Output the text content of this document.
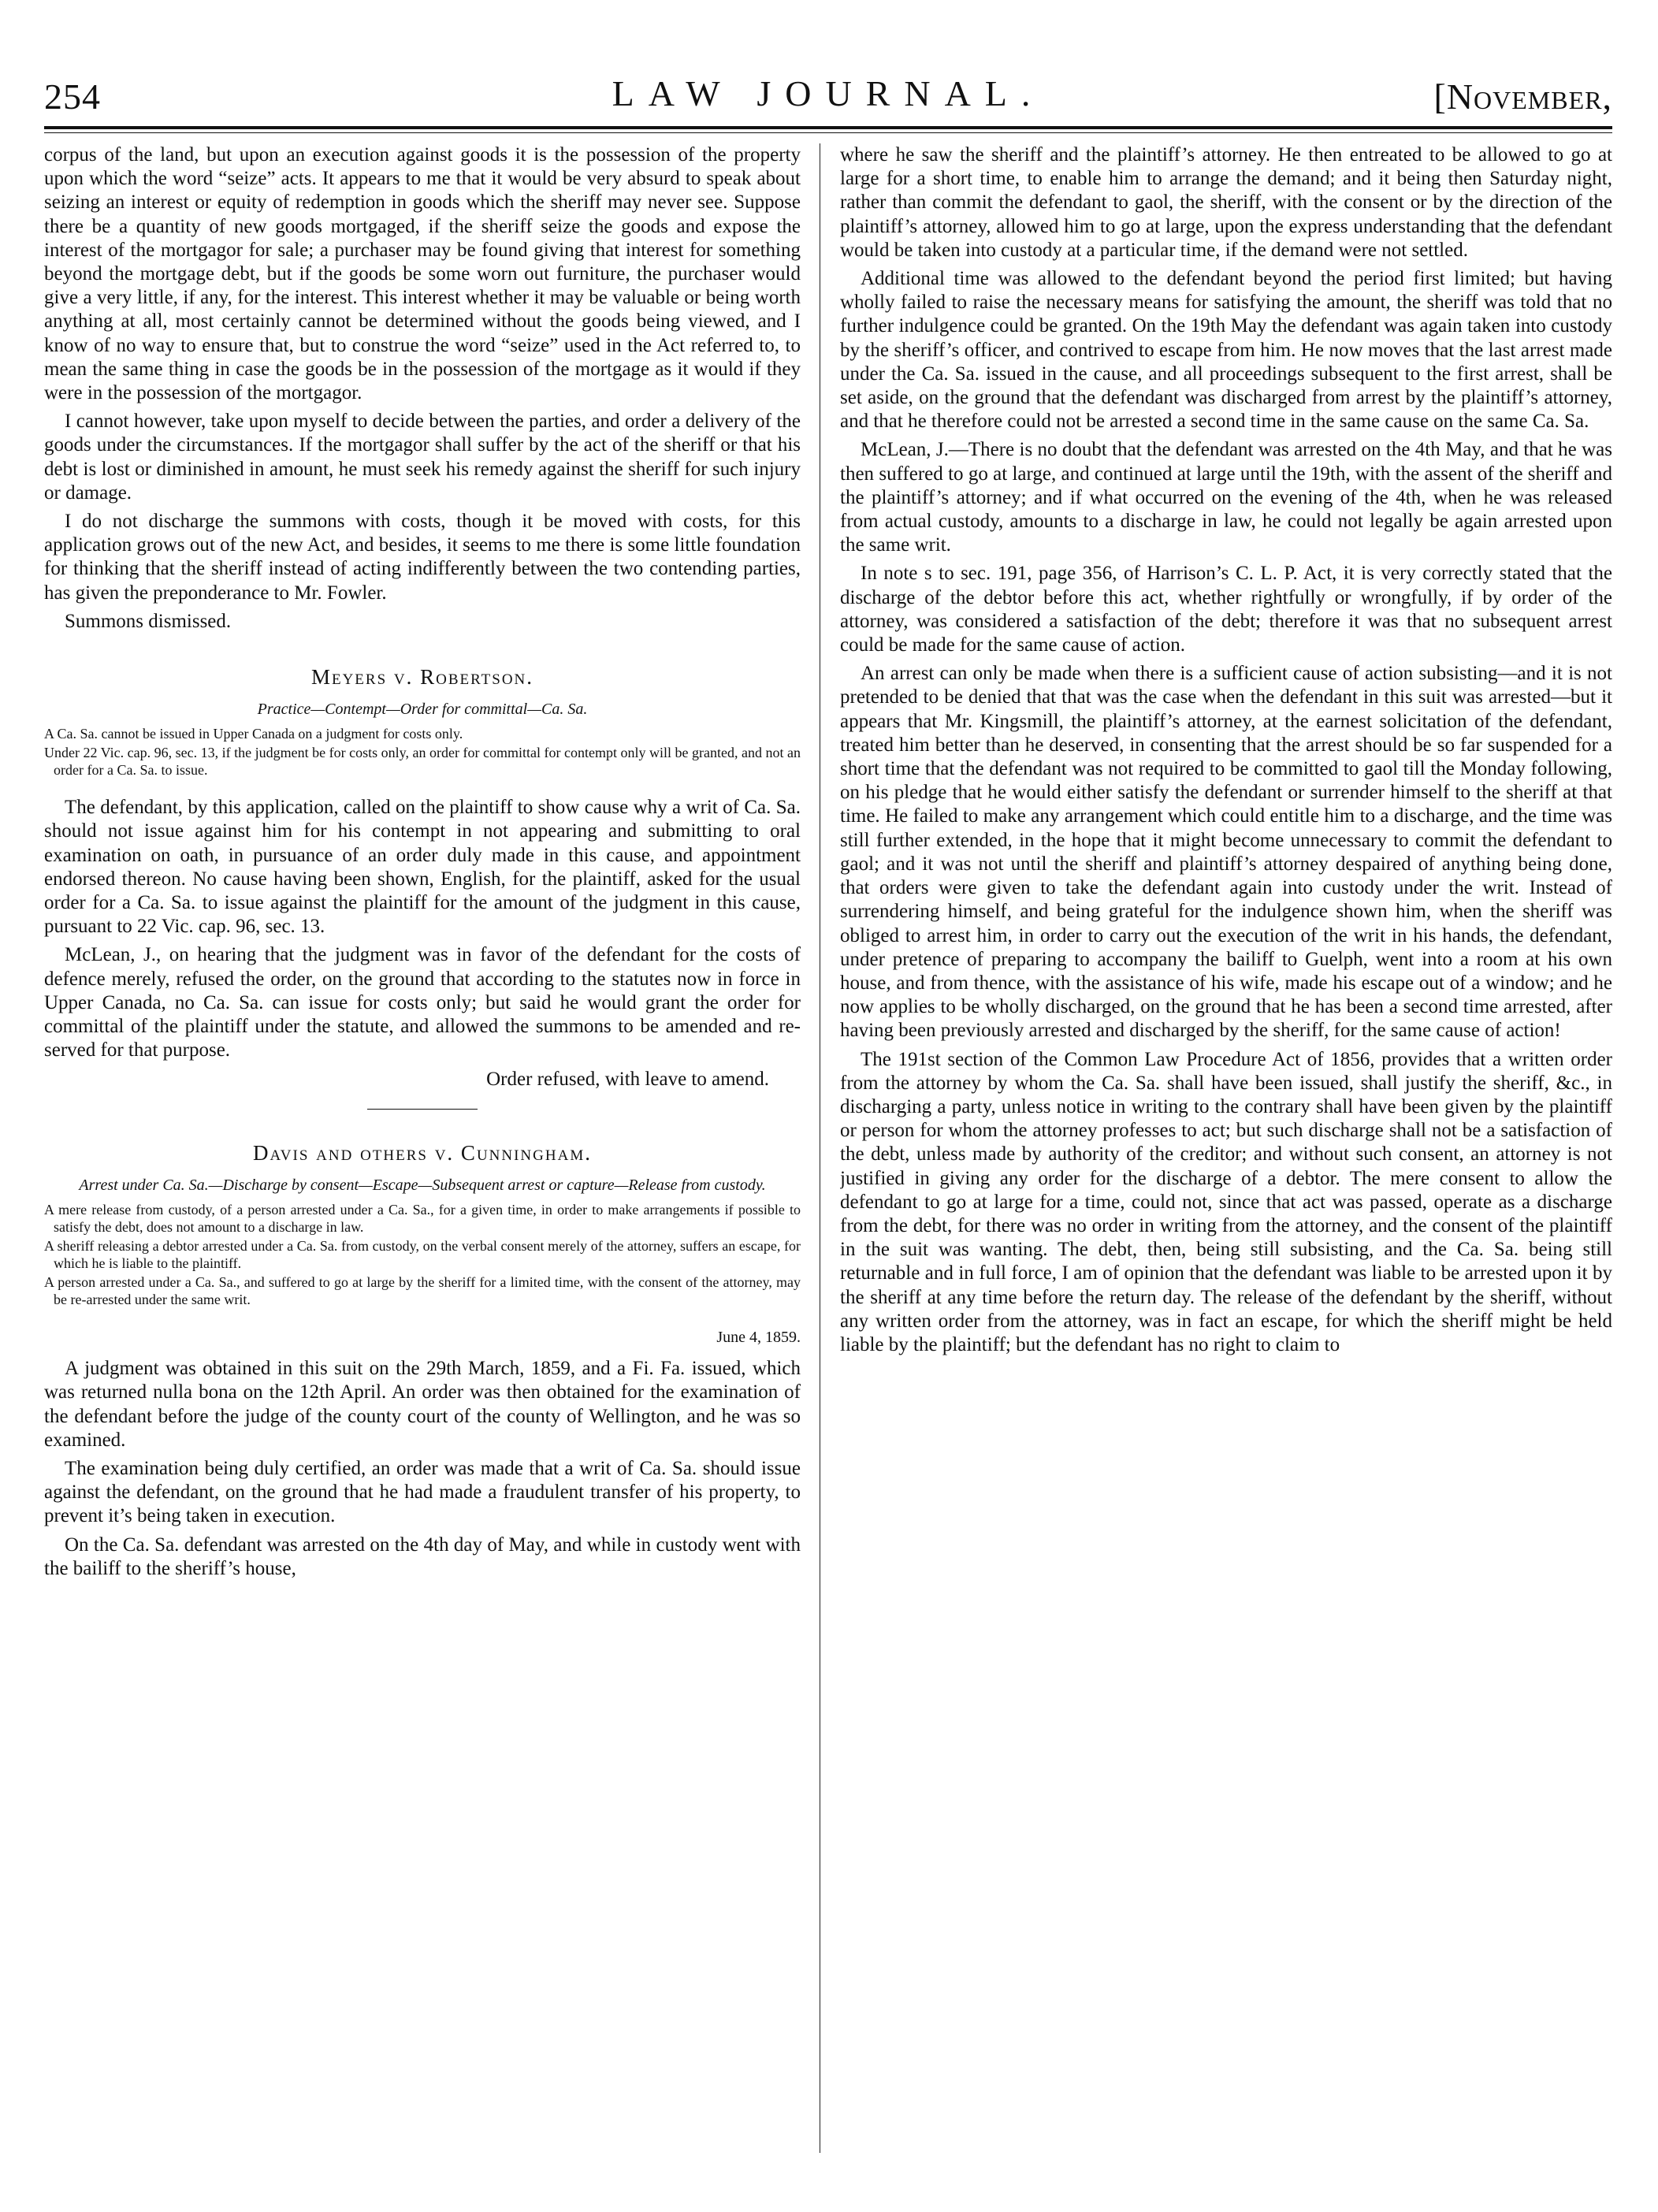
254	LAW JOURNAL.	[November,

corpus of the land, but upon an execution against goods it is the possession of the property upon which the word “seize” acts. It appears to me that it would be very absurd to speak about seizing an interest or equity of redemption in goods which the sheriff may never see. Suppose there be a quantity of new goods mortgaged, if the sheriff seize the goods and expose the interest of the mortgagor for sale; a purchaser may be found giving that interest for something beyond the mortgage debt, but if the goods be some worn out furniture, the purchaser would give a very little, if any, for the interest. This interest whether it may be valuable or being worth anything at all, most certainly cannot be determined without the goods being viewed, and I know of no way to ensure that, but to construe the word “seize” used in the Act referred to, to mean the same thing in case the goods be in the possession of the mortgage as it would if they were in the possession of the mortgagor.

I cannot however, take upon myself to decide between the parties, and order a delivery of the goods under the circumstances. If the mortgagor shall suffer by the act of the sheriff or that his debt is lost or diminished in amount, he must seek his remedy against the sheriff for such injury or damage.

I do not discharge the summons with costs, though it be moved with costs, for this application grows out of the new Act, and besides, it seems to me there is some little foundation for thinking that the sheriff instead of acting indifferently between the two contending parties, has given the preponderance to Mr. Fowler.

Summons dismissed.

Meyers v. Robertson.
Practice—Contempt—Order for committal—Ca. Sa.
A Ca. Sa. cannot be issued in Upper Canada on a judgment for costs only.
Under 22 Vic. cap. 96, sec. 13, if the judgment be for costs only, an order for committal for contempt only will be granted, and not an order for a Ca. Sa. to issue.

The defendant, by this application, called on the plaintiff to show cause why a writ of Ca. Sa. should not issue against him for his contempt in not appearing and submitting to oral examination on oath, in pursuance of an order duly made in this cause, and appointment endorsed thereon. No cause having been shown, English, for the plaintiff, asked for the usual order for a Ca. Sa. to issue against the plaintiff for the amount of the judgment in this cause, pursuant to 22 Vic. cap. 96, sec. 13.

McLean, J., on hearing that the judgment was in favor of the defendant for the costs of defence merely, refused the order, on the ground that according to the statutes now in force in Upper Canada, no Ca. Sa. can issue for costs only; but said he would grant the order for committal of the plaintiff under the statute, and allowed the summons to be amended and re-served for that purpose.

Order refused, with leave to amend.

Davis and others v. Cunningham.
Arrest under Ca. Sa.—Discharge by consent—Escape—Subsequent arrest or capture—Release from custody.
A mere release from custody, of a person arrested under a Ca. Sa., for a given time, in order to make arrangements if possible to satisfy the debt, does not amount to a discharge in law.
A sheriff releasing a debtor arrested under a Ca. Sa. from custody, on the verbal consent merely of the attorney, suffers an escape, for which he is liable to the plaintiff.
A person arrested under a Ca. Sa., and suffered to go at large by the sheriff for a limited time, with the consent of the attorney, may be re-arrested under the same writ.
June 4, 1859.

A judgment was obtained in this suit on the 29th March, 1859, and a Fi. Fa. issued, which was returned nulla bona on the 12th April. An order was then obtained for the examination of the defendant before the judge of the county court of the county of Wellington, and he was so examined.

The examination being duly certified, an order was made that a writ of Ca. Sa. should issue against the defendant, on the ground that he had made a fraudulent transfer of his property, to prevent it’s being taken in execution.

On the Ca. Sa. defendant was arrested on the 4th day of May, and while in custody went with the bailiff to the sheriff’s house,

where he saw the sheriff and the plaintiff’s attorney. He then entreated to be allowed to go at large for a short time, to enable him to arrange the demand; and it being then Saturday night, rather than commit the defendant to gaol, the sheriff, with the consent or by the direction of the plaintiff’s attorney, allowed him to go at large, upon the express understanding that the defendant would be taken into custody at a particular time, if the demand were not settled.

Additional time was allowed to the defendant beyond the period first limited; but having wholly failed to raise the necessary means for satisfying the amount, the sheriff was told that no further indulgence could be granted. On the 19th May the defendant was again taken into custody by the sheriff’s officer, and contrived to escape from him. He now moves that the last arrest made under the Ca. Sa. issued in the cause, and all proceedings subsequent to the first arrest, shall be set aside, on the ground that the defendant was discharged from arrest by the plaintiff’s attorney, and that he therefore could not be arrested a second time in the same cause on the same Ca. Sa.

McLean, J.—There is no doubt that the defendant was arrested on the 4th May, and that he was then suffered to go at large, and continued at large until the 19th, with the assent of the sheriff and the plaintiff’s attorney; and if what occurred on the evening of the 4th, when he was released from actual custody, amounts to a discharge in law, he could not legally be again arrested upon the same writ.

In note s to sec. 191, page 356, of Harrison’s C. L. P. Act, it is very correctly stated that the discharge of the debtor before this act, whether rightfully or wrongfully, if by order of the attorney, was considered a satisfaction of the debt; therefore it was that no subsequent arrest could be made for the same cause of action.

An arrest can only be made when there is a sufficient cause of action subsisting—and it is not pretended to be denied that that was the case when the defendant in this suit was arrested—but it appears that Mr. Kingsmill, the plaintiff’s attorney, at the earnest solicitation of the defendant, treated him better than he deserved, in consenting that the arrest should be so far suspended for a short time that the defendant was not required to be committed to gaol till the Monday following, on his pledge that he would either satisfy the defendant or surrender himself to the sheriff at that time. He failed to make any arrangement which could entitle him to a discharge, and the time was still further extended, in the hope that it might become unnecessary to commit the defendant to gaol; and it was not until the sheriff and plaintiff’s attorney despaired of anything being done, that orders were given to take the defendant again into custody under the writ. Instead of surrendering himself, and being grateful for the indulgence shown him, when the sheriff was obliged to arrest him, in order to carry out the execution of the writ in his hands, the defendant, under pretence of preparing to accompany the bailiff to Guelph, went into a room at his own house, and from thence, with the assistance of his wife, made his escape out of a window; and he now applies to be wholly discharged, on the ground that he has been a second time arrested, after having been previously arrested and discharged by the sheriff, for the same cause of action!

The 191st section of the Common Law Procedure Act of 1856, provides that a written order from the attorney by whom the Ca. Sa. shall have been issued, shall justify the sheriff, &c., in discharging a party, unless notice in writing to the contrary shall have been given by the plaintiff or person for whom the attorney professes to act; but such discharge shall not be a satisfaction of the debt, unless made by authority of the creditor; and without such consent, an attorney is not justified in giving any order for the discharge of a debtor. The mere consent to allow the defendant to go at large for a time, could not, since that act was passed, operate as a discharge from the debt, for there was no order in writing from the attorney, and the consent of the plaintiff in the suit was wanting. The debt, then, being still subsisting, and the Ca. Sa. being still returnable and in full force, I am of opinion that the defendant was liable to be arrested upon it by the sheriff at any time before the return day. The release of the defendant by the sheriff, without any written order from the attorney, was in fact an escape, for which the sheriff might be held liable by the plaintiff; but the defendant has no right to claim to
